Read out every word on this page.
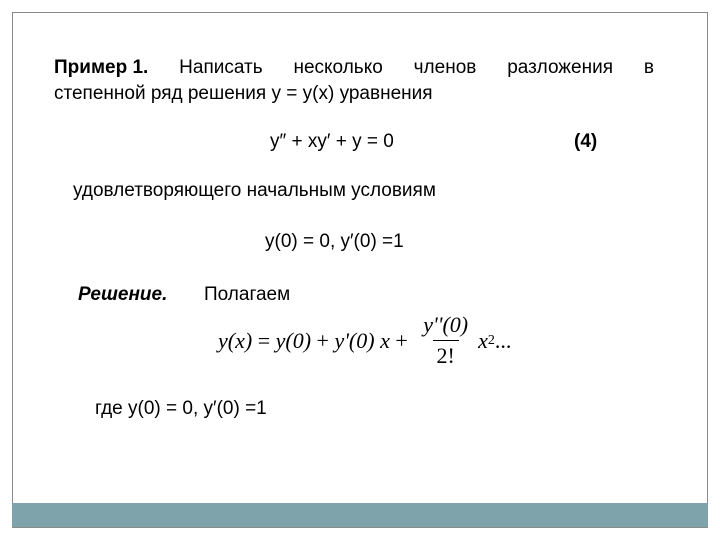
Пример 1. Написать несколько членов разложения в
степенной ряд решения y = y(x) уравнения
y″ + xy′ + y = 0	(4)
удовлетворяющего начальным условиям
y(0) = 0, y′(0) =1
Решение. Полагаем
y(x) = y(0) + y'(0) $x + \frac{y''(0)}{2!}$ x 2 ...
где y(0) = 0, y′(0) =1
